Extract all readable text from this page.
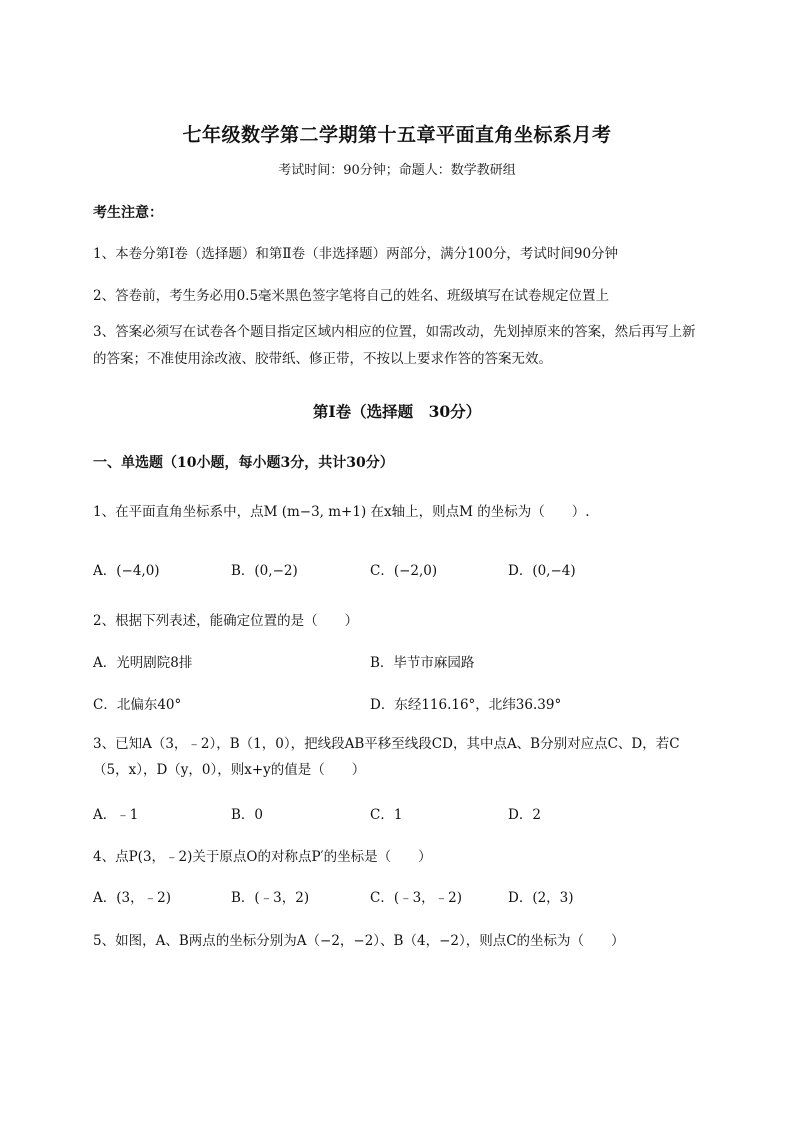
七年级数学第二学期第十五章平面直角坐标系月考
考试时间：90分钟；命题人：数学教研组
考生注意：
1、本卷分第Ⅰ卷（选择题）和第Ⅱ卷（非选择题）两部分，满分100分，考试时间90分钟
2、答卷前，考生务必用0.5毫米黑色签字笔将自己的姓名、班级填写在试卷规定位置上
3、答案必须写在试卷各个题目指定区域内相应的位置，如需改动，先划掉原来的答案，然后再写上新的答案；不准使用涂改液、胶带纸、修正带，不按以上要求作答的答案无效。
第Ⅰ卷（选择题　30分）
一、单选题（10小题，每小题3分，共计30分）
1、在平面直角坐标系中，点M (m−3, m+1) 在x轴上，则点M 的坐标为（　　）.
A．(−4,0)	B．(0,−2)	C．(−2,0)	D．(0,−4)
2、根据下列表述，能确定位置的是（　　）
A．光明剧院8排	B．毕节市麻园路
C．北偏东40°	D．东经116.16°，北纬36.39°
3、已知A（3，﹣2），B（1，0），把线段AB平移至线段CD，其中点A、B分别对应点C、D，若C（5，x），D（y，0），则x+y的值是（　　）
A．﹣1	B．0	C．1	D．2
4、点P(3，﹣2)关于原点O的对称点P′的坐标是（　　）
A．(3，﹣2)	B．(﹣3，2)	C．(﹣3，﹣2)	D．(2，3)
5、如图，A、B两点的坐标分别为A（−2，−2）、B（4，−2），则点C的坐标为（　　）
